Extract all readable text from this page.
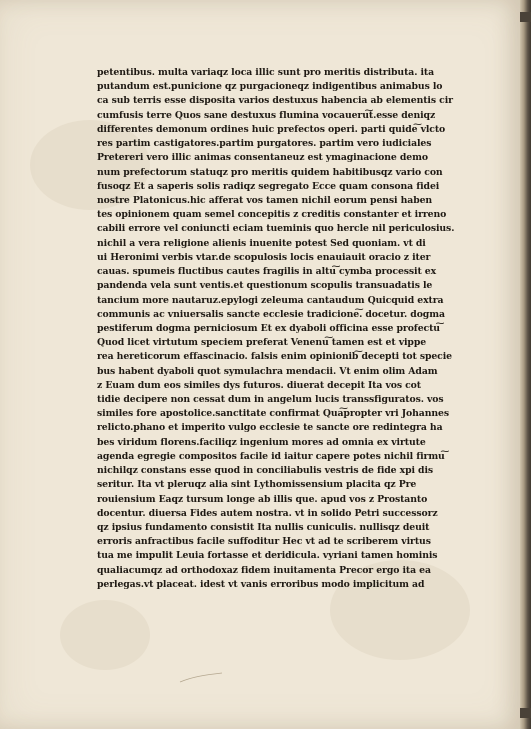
petentibus. multa variaqz loca illic sunt pro meritis distributa. ita
putandum est.punicione qz purgacioneqz indigentibus animabus lo
ca sub terris esse disposita varios destuxus habencia ab elementis cir
cumfusis terre Quos sane destuxus flumina vocaueru͠t.esse deniqz
differentes demonum ordines huic prefectos operi. parti quide͠ vlcto
res partim castigatores.partim purgatores. partim vero iudiciales
Pretereri vero illic animas consentaneuz est ymaginacione demo
num prefectorum statuqz pro meritis quidem habitibusqz vario con
fusoqz Et a saperis solis radiqz segregato Ecce quam consona fidei
nostre Platonicus.hic afferat vos tamen nichil eorum pensi haben
tes opinionem quam semel concepitis z creditis constanter et irreno
cabili errore vel coniuncti eciam tueminis quo hercle nil periculosius.
nichil a vera religione alienis inuenite potest Sed quoniam. vt di
ui Heronimi verbis vtar.de scopulosis locis enauiauit oracio z iter
cauas. spumeis fluctibus cautes fragilis in altu͠ cymba processit ex
pandenda vela sunt ventis.et questionum scopulis transuadatis le
tancium more nautaruz.epylogi zeleuma cantaudum Quicquid extra
communis ac vniuersalis sancte ecclesie tradicione͠. docetur. dogma
pestiferum dogma perniciosum Et ex dyaboli officina esse profectu͠
Quod licet virtutum speciem preferat Venenu͠ tamen est et vippe
rea hereticorum effascinacio. falsis enim opinionib͠ decepti tot specie
bus habent dyaboli quot symulachra mendacii. Vt enim olim Adam
z Euam dum eos similes dys futuros. diuerat decepit Ita vos cot
tidie decipere non cessat dum in angelum lucis transsfiguratos. vos
similes fore apostolice.sanctitate confirmat Qua͠propter vri Johannes
relicto.phano et imperito vulgo ecclesie te sancte ore redintegra ha
bes viridum florens.faciliqz ingenium mores ad omnia ex virtute
agenda egregie compositos facile id iaitur capere potes nichil firmu͠
nichilqz constans esse quod in conciliabulis vestris de fide xpi dis
seritur. Ita vt pleruqz alia sint Lythomissensium placita qz Pre
rouiensium Eaqz tursum longe ab illis que. apud vos z Prostanto
docentur. diuersa Fides autem nostra. vt in solido Petri successorz
qz ipsius fundamento consistit Ita nullis cuniculis. nullisqz deuit
erroris anfractibus facile suffoditur Hec vt ad te scriberem virtus
tua me impulit Leuia fortasse et deridicula. vyriani tamen hominis
qualiacumqz ad orthodoxaz fidem inuitamenta Precor ergo ita ea
perlegas.vt placeat. idest vt vanis erroribus modo implicitum ad
